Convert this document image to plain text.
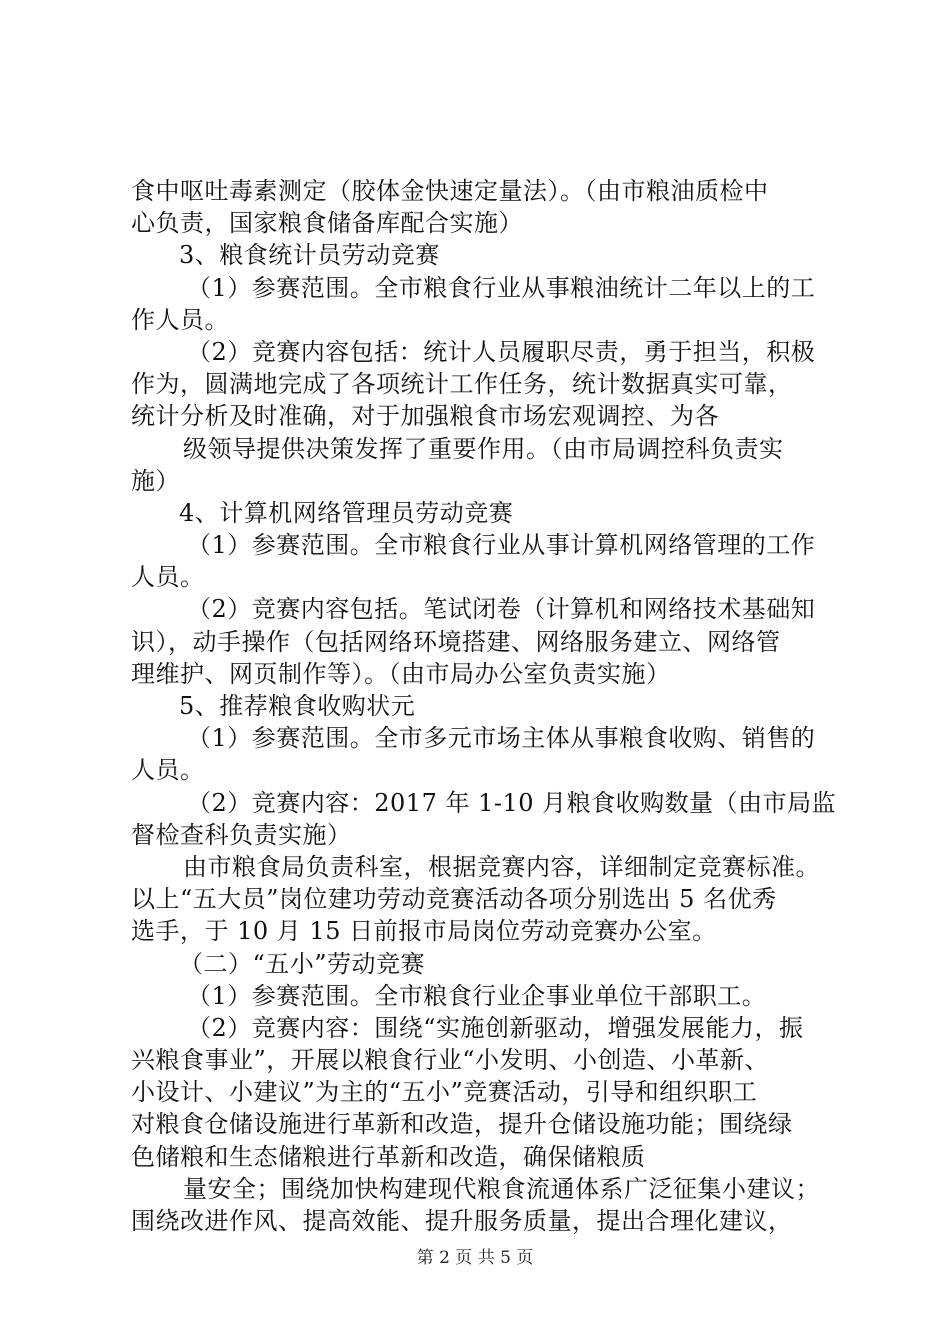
食中呕吐毒素测定（胶体金快速定量法）。（由市粮油质检中
心负责，国家粮食储备库配合实施）
3、粮食统计员劳动竞赛
（1）参赛范围。全市粮食行业从事粮油统计二年以上的工
作人员。
（2）竞赛内容包括：统计人员履职尽责，勇于担当，积极
作为，圆满地完成了各项统计工作任务，统计数据真实可靠，
统计分析及时准确，对于加强粮食市场宏观调控、为各
级领导提供决策发挥了重要作用。（由市局调控科负责实
施）
4、计算机网络管理员劳动竞赛
（1）参赛范围。全市粮食行业从事计算机网络管理的工作
人员。
（2）竞赛内容包括。笔试闭卷（计算机和网络技术基础知
识），动手操作（包括网络环境搭建、网络服务建立、网络管
理维护、网页制作等）。（由市局办公室负责实施）
5、推荐粮食收购状元
（1）参赛范围。全市多元市场主体从事粮食收购、销售的
人员。
（2）竞赛内容：2017 年 1-10 月粮食收购数量（由市局监
督检查科负责实施）
由市粮食局负责科室，根据竞赛内容，详细制定竞赛标准。
以上“五大员”岗位建功劳动竞赛活动各项分别选出 5 名优秀
选手，于 10 月 15 日前报市局岗位劳动竞赛办公室。
（二）“五小”劳动竞赛
（1）参赛范围。全市粮食行业企事业单位干部职工。
（2）竞赛内容：围绕“实施创新驱动，增强发展能力，振
兴粮食事业”，开展以粮食行业“小发明、小创造、小革新、
小设计、小建议”为主的“五小”竞赛活动，引导和组织职工
对粮食仓储设施进行革新和改造，提升仓储设施功能；围绕绿
色储粮和生态储粮进行革新和改造，确保储粮质
量安全；围绕加快构建现代粮食流通体系广泛征集小建议；
围绕改进作风、提高效能、提升服务质量，提出合理化建议，
第 2 页 共 5 页
